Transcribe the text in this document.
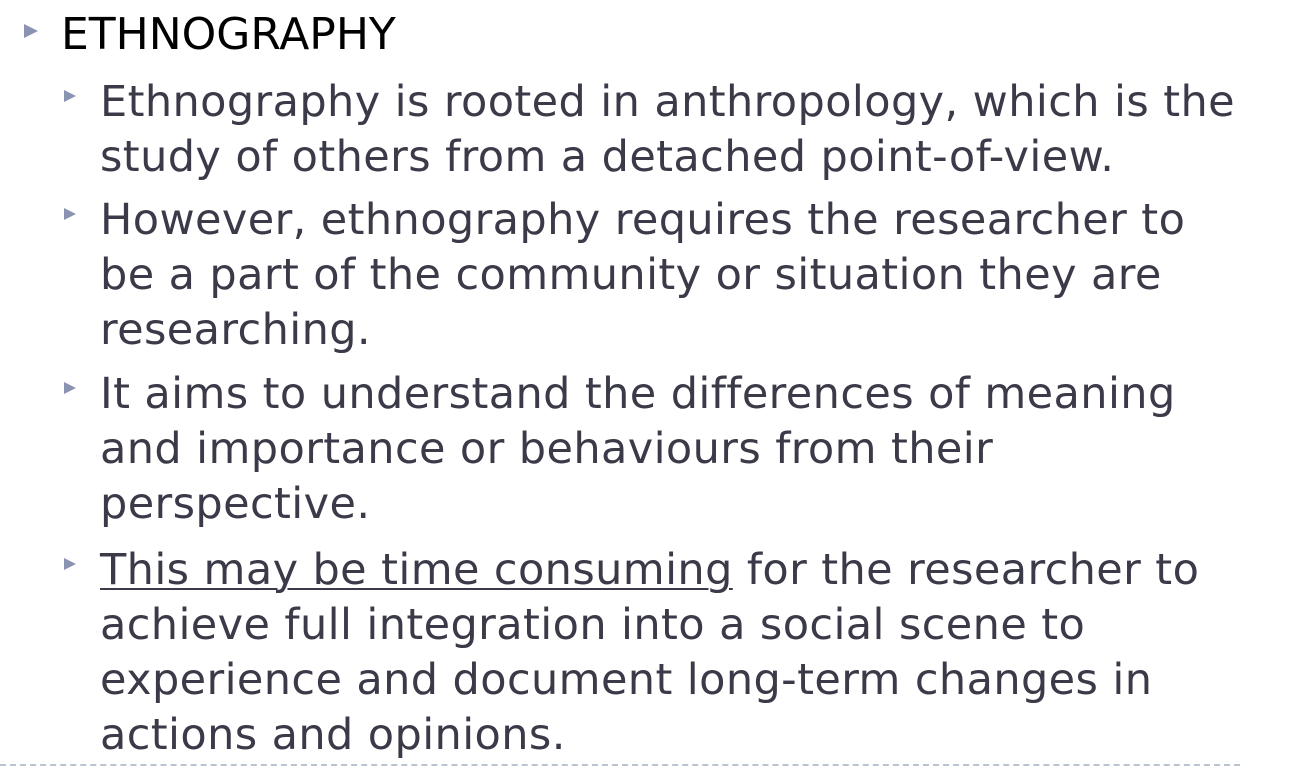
ETHNOGRAPHY

Ethnography is rooted in anthropology, which is the
study of others from a detached point-of-view.

However, ethnography requires the researcher to
be a part of the community or situation they are
researching.

It aims to understand the differences of meaning
and importance or behaviours from their
perspective.

This may be time consuming for the researcher to
achieve full integration into a social scene to
experience and document long-term changes in
actions and opinions.
